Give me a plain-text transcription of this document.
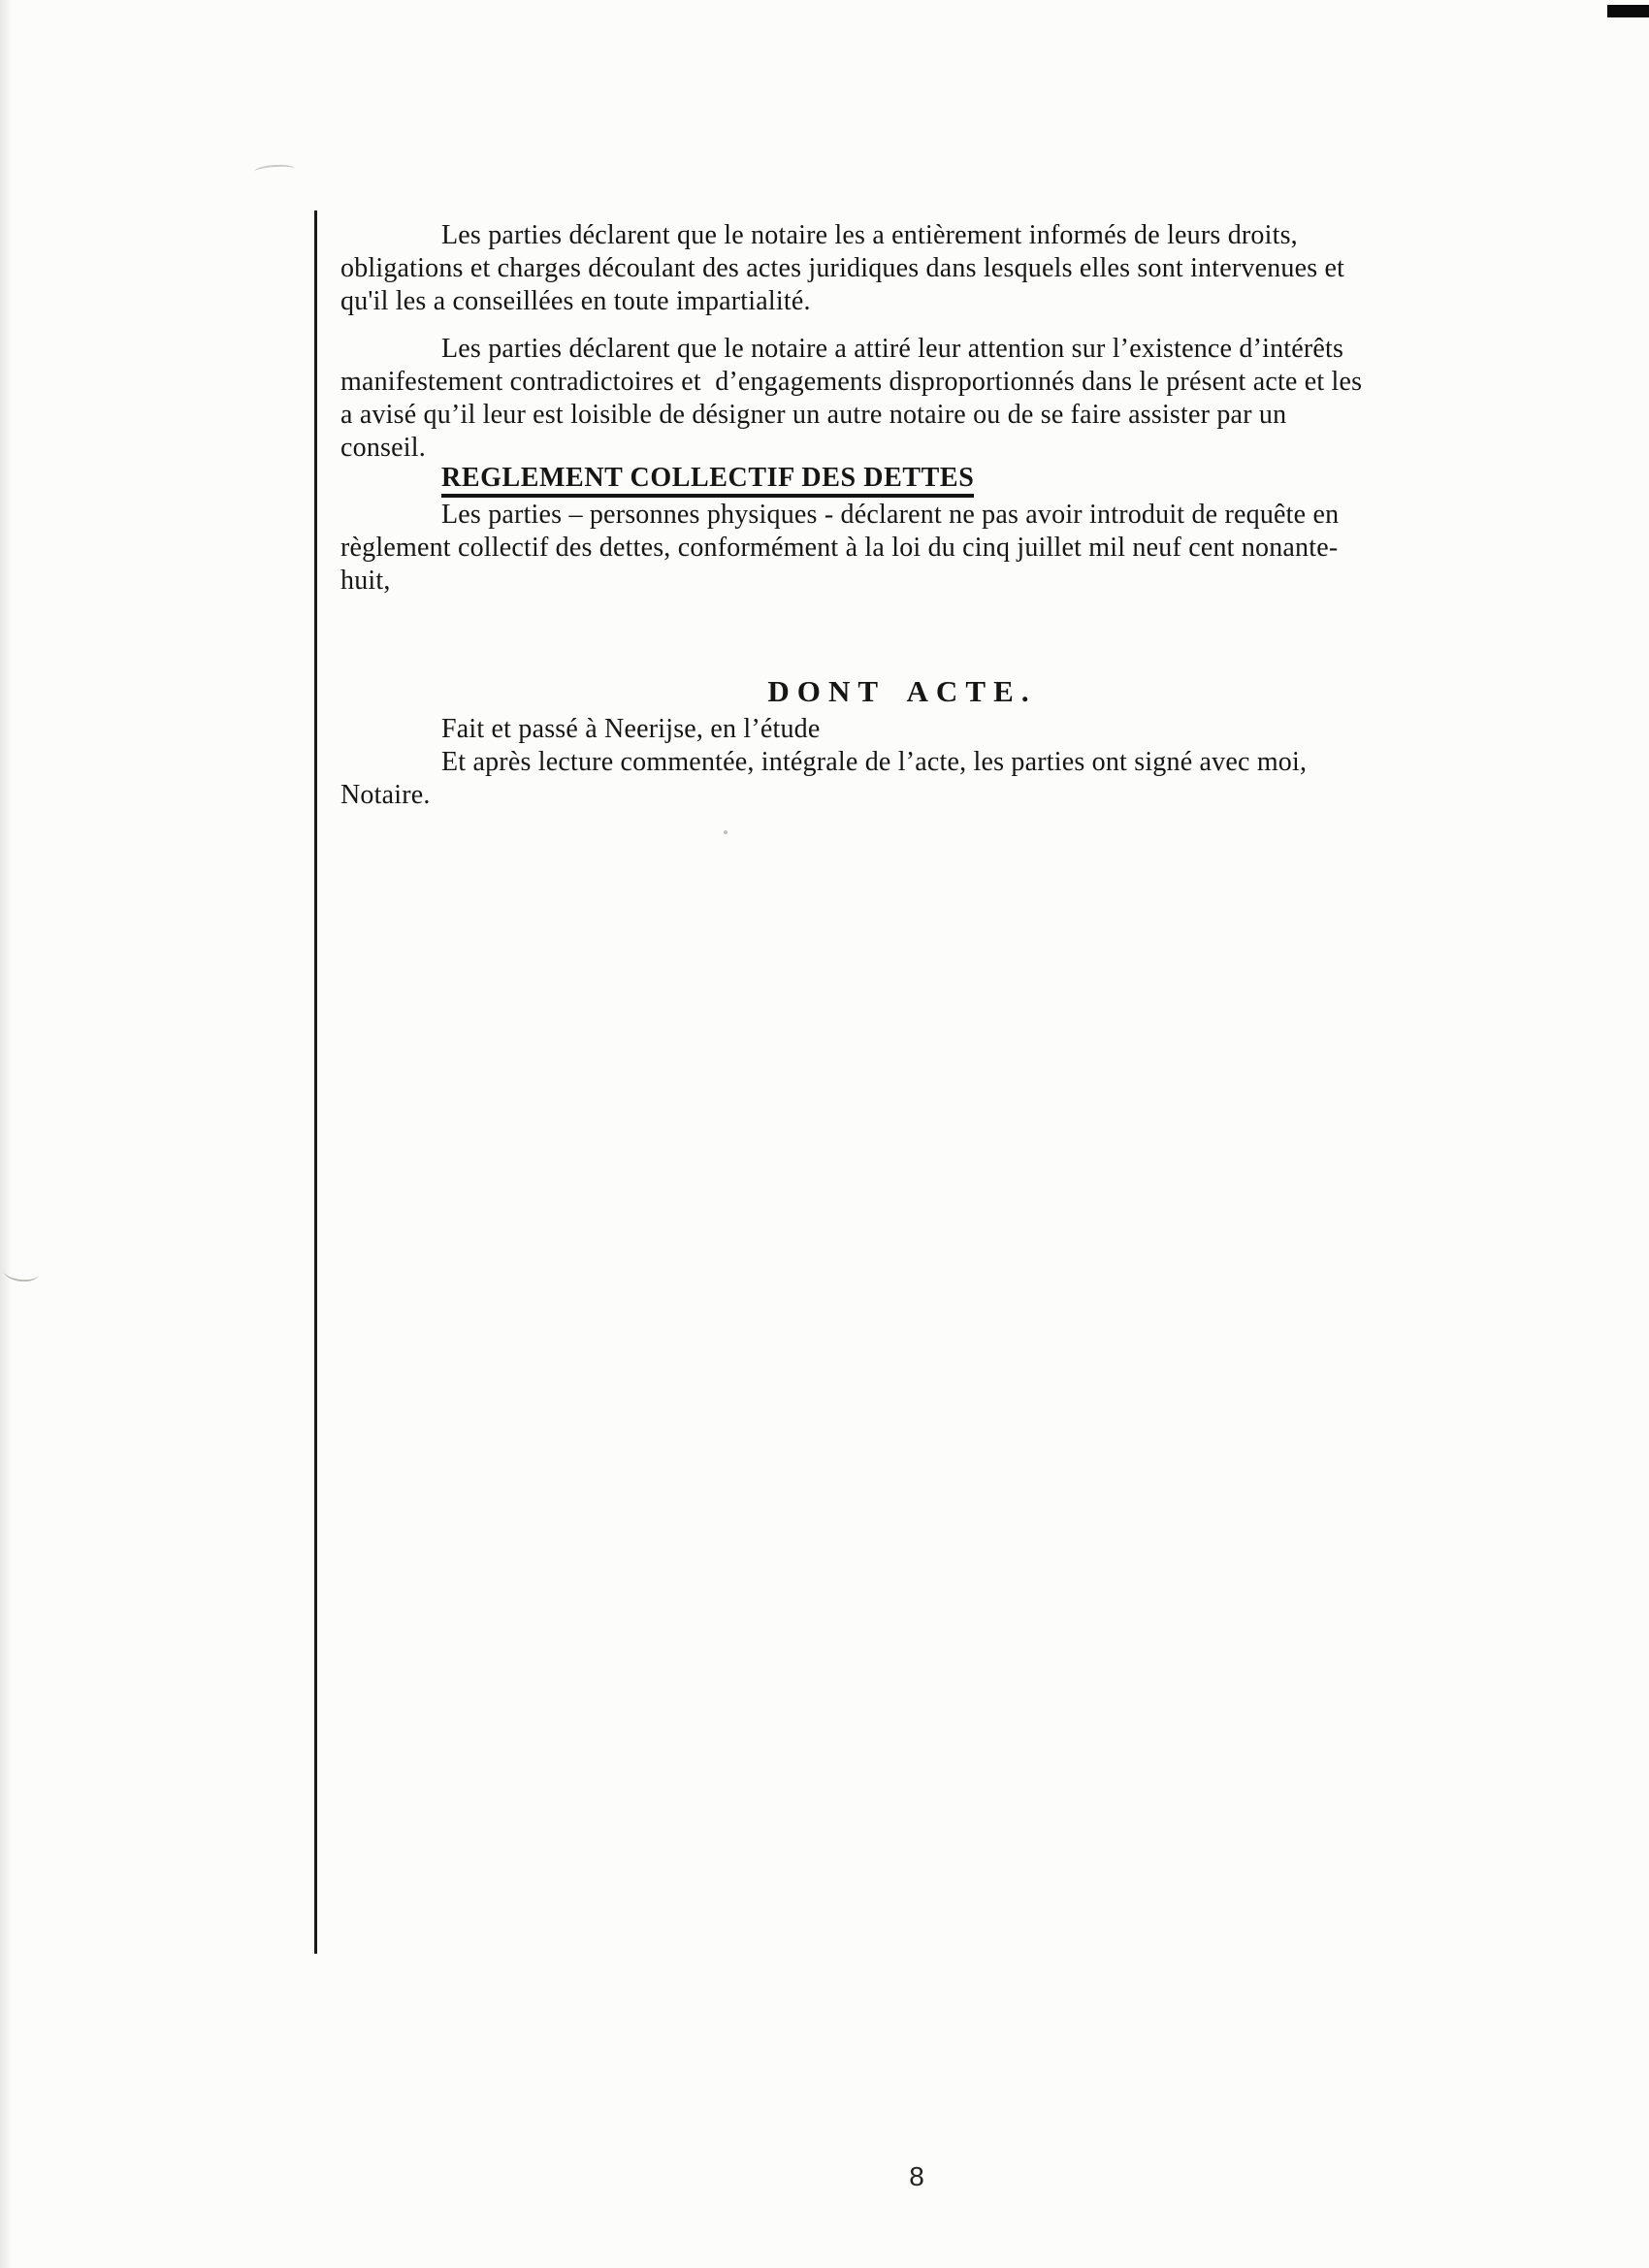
Les parties déclarent que le notaire les a entièrement informés de leurs droits,
obligations et charges découlant des actes juridiques dans lesquels elles sont intervenues et
qu'il les a conseillées en toute impartialité.
Les parties déclarent que le notaire a attiré leur attention sur l’existence d’intérêts
manifestement contradictoires et  d’engagements disproportionnés dans le présent acte et les
a avisé qu’il leur est loisible de désigner un autre notaire ou de se faire assister par un
conseil.
REGLEMENT COLLECTIF DES DETTES
Les parties – personnes physiques - déclarent ne pas avoir introduit de requête en
règlement collectif des dettes, conformément à la loi du cinq juillet mil neuf cent nonante-
huit,
DONT ACTE.
Fait et passé à Neerijse, en l’étude
Et après lecture commentée, intégrale de l’acte, les parties ont signé avec moi,
Notaire.
8
